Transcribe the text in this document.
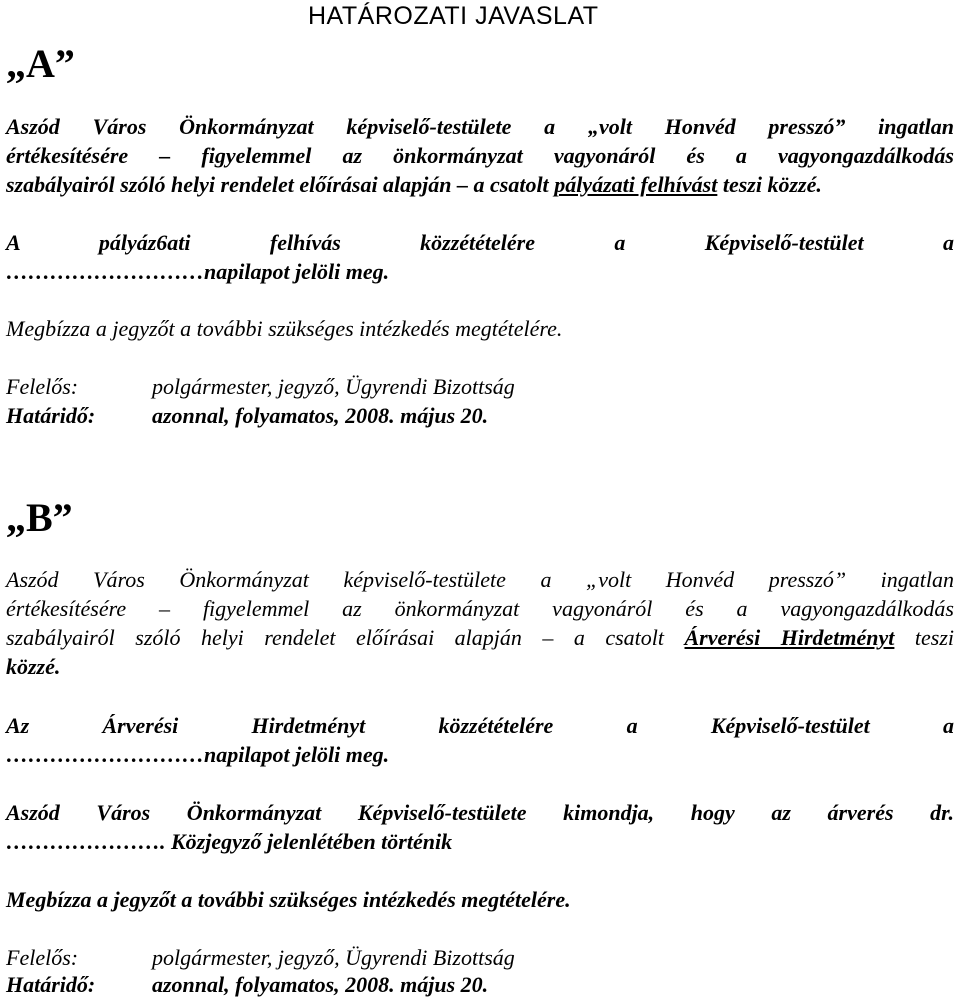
HATÁROZATI JAVASLAT
„A”
Aszód Város Önkormányzat képviselő-testülete a „volt Honvéd presszó” ingatlan
értékesítésére – figyelemmel az önkormányzat vagyonáról és a vagyongazdálkodás
szabályairól szóló helyi rendelet előírásai alapján – a csatolt pályázati felhívást teszi közzé.
A pályáz6ati felhívás közzétételére a Képviselő-testület a
………………………napilapot jelöli meg.
Megbízza a jegyzőt a további szükséges intézkedés megtételére.
Felelős:	polgármester, jegyző, Ügyrendi Bizottság
Határidő:	azonnal, folyamatos, 2008. május 20.
„B”
Aszód Város Önkormányzat képviselő-testülete a „volt Honvéd presszó” ingatlan
értékesítésére – figyelemmel az önkormányzat vagyonáról és a vagyongazdálkodás
szabályairól szóló helyi rendelet előírásai alapján – a csatolt Árverési Hirdetményt teszi
közzé.
Az Árverési Hirdetményt közzétételére a Képviselő-testület a
………………………napilapot jelöli meg.
Aszód Város Önkormányzat Képviselő-testülete kimondja, hogy az árverés dr.
…………………. Közjegyző jelenlétében történik
Megbízza a jegyzőt a további szükséges intézkedés megtételére.
Felelős:	polgármester, jegyző, Ügyrendi Bizottság
Határidő:	azonnal, folyamatos, 2008. május 20.
